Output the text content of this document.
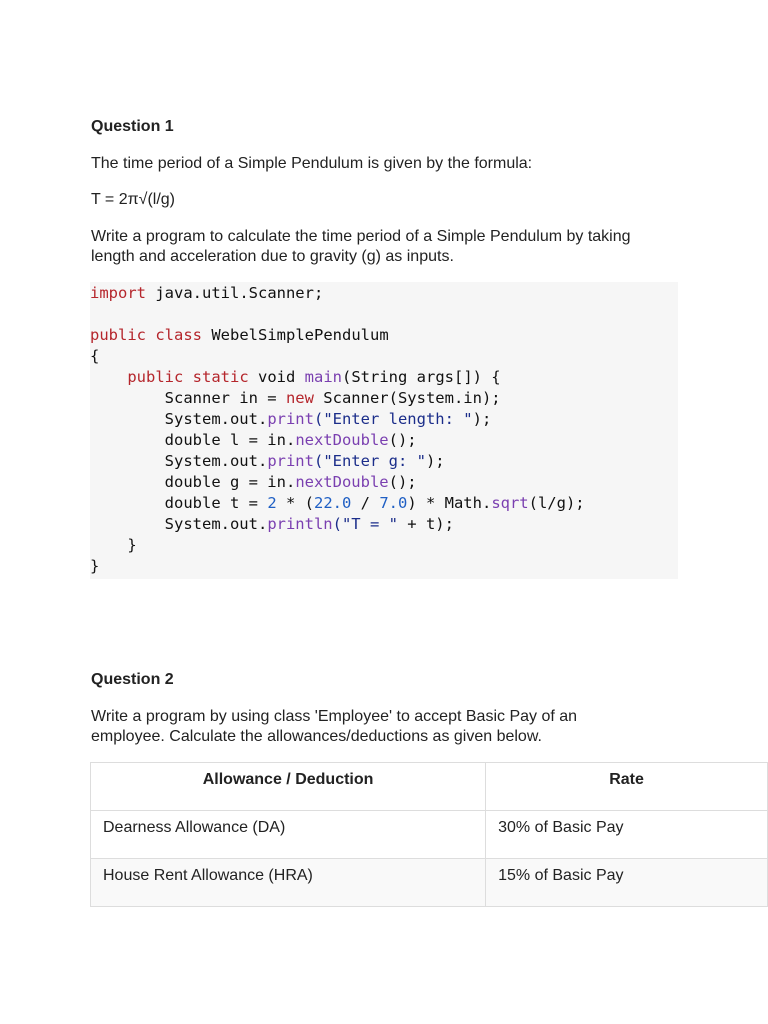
Question 1

The time period of a Simple Pendulum is given by the formula:

T = 2π√(l/g)

Write a program to calculate the time period of a Simple Pendulum by taking length and acceleration due to gravity (g) as inputs.

import java.util.Scanner;
public class WebelSimplePendulum
{
public static void main(String args[]) {
Scanner in = new Scanner(System.in);
System.out.print("Enter length: ");
double l = in.nextDouble();
System.out.print("Enter g: ");
double g = in.nextDouble();
double t = 2 * (22.0 / 7.0) * Math.sqrt(l/g);
System.out.println("T = " + t);
}
}

Question 2

Write a program by using class 'Employee' to accept Basic Pay of an employee. Calculate the allowances/deductions as given below.

Allowance / Deduction	Rate
Dearness Allowance (DA)	30% of Basic Pay
House Rent Allowance (HRA)	15% of Basic Pay
